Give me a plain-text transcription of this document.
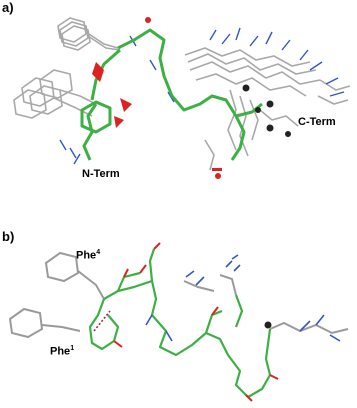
a)
N-Term
C-Term
b)
Phe$^4$
Phe$^1$
